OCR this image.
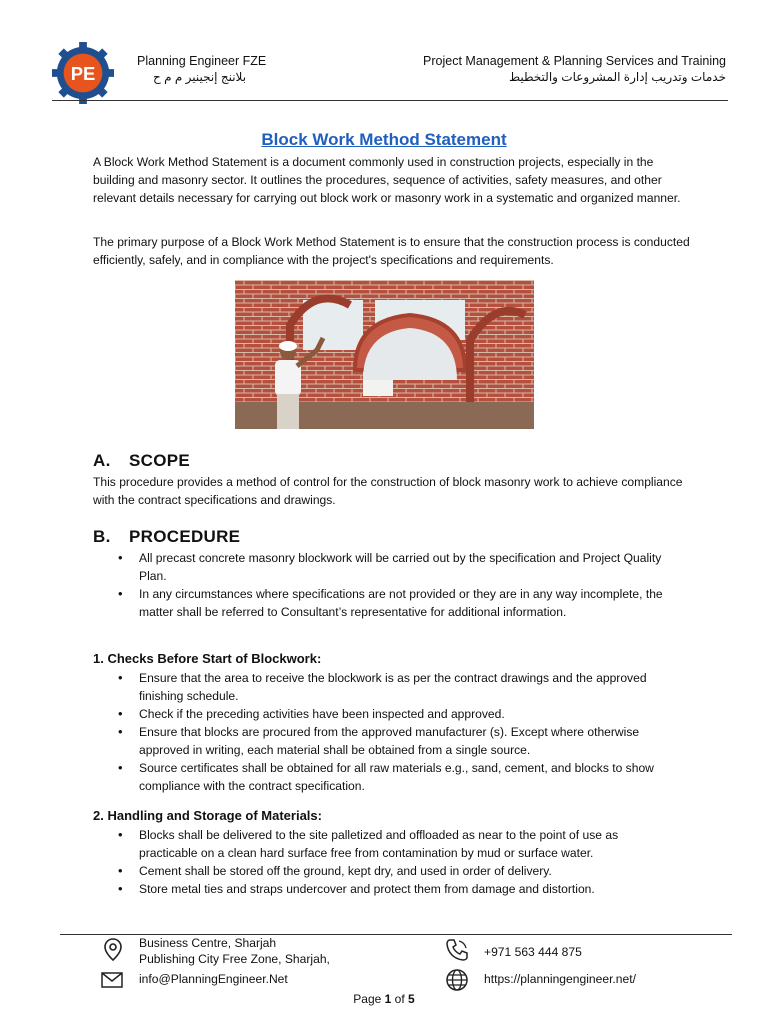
PE
Planning Engineer FZE
بلاننج إنجينير م م ح
Project Management & Planning Services and Training
خدمات وتدريب إدارة المشروعات والتخطيط
Block Work Method Statement

A Block Work Method Statement is a document commonly used in construction projects, especially in the building and masonry sector. It outlines the procedures, sequence of activities, safety measures, and other relevant details necessary for carrying out block work or masonry work in a systematic and organized manner.

The primary purpose of a Block Work Method Statement is to ensure that the construction process is conducted efficiently, safely, and in compliance with the project's specifications and requirements.

A. SCOPE

This procedure provides a method of control for the construction of block masonry work to achieve compliance with the contract specifications and drawings.

B. PROCEDURE
• All precast concrete masonry blockwork will be carried out by the specification and Project Quality Plan.
• In any circumstances where specifications are not provided or they are in any way incomplete, the matter shall be referred to Consultant’s representative for additional information.
1. Checks Before Start of Blockwork:
• Ensure that the area to receive the blockwork is as per the contract drawings and the approved finishing schedule.
• Check if the preceding activities have been inspected and approved.
• Ensure that blocks are procured from the approved manufacturer (s). Except where otherwise approved in writing, each material shall be obtained from a single source.
• Source certificates shall be obtained for all raw materials e.g., sand, cement, and blocks to show compliance with the contract specification.
2. Handling and Storage of Materials:
• Blocks shall be delivered to the site palletized and offloaded as near to the point of use as practicable on a clean hard surface free from contamination by mud or surface water.
• Cement shall be stored off the ground, kept dry, and used in order of delivery.
• Store metal ties and straps undercover and protect them from damage and distortion.
Business Centre, Sharjah
Publishing City Free Zone, Sharjah,
info@PlanningEngineer.Net
+971 563 444 875
https://planningengineer.net/
Page 1 of 5
